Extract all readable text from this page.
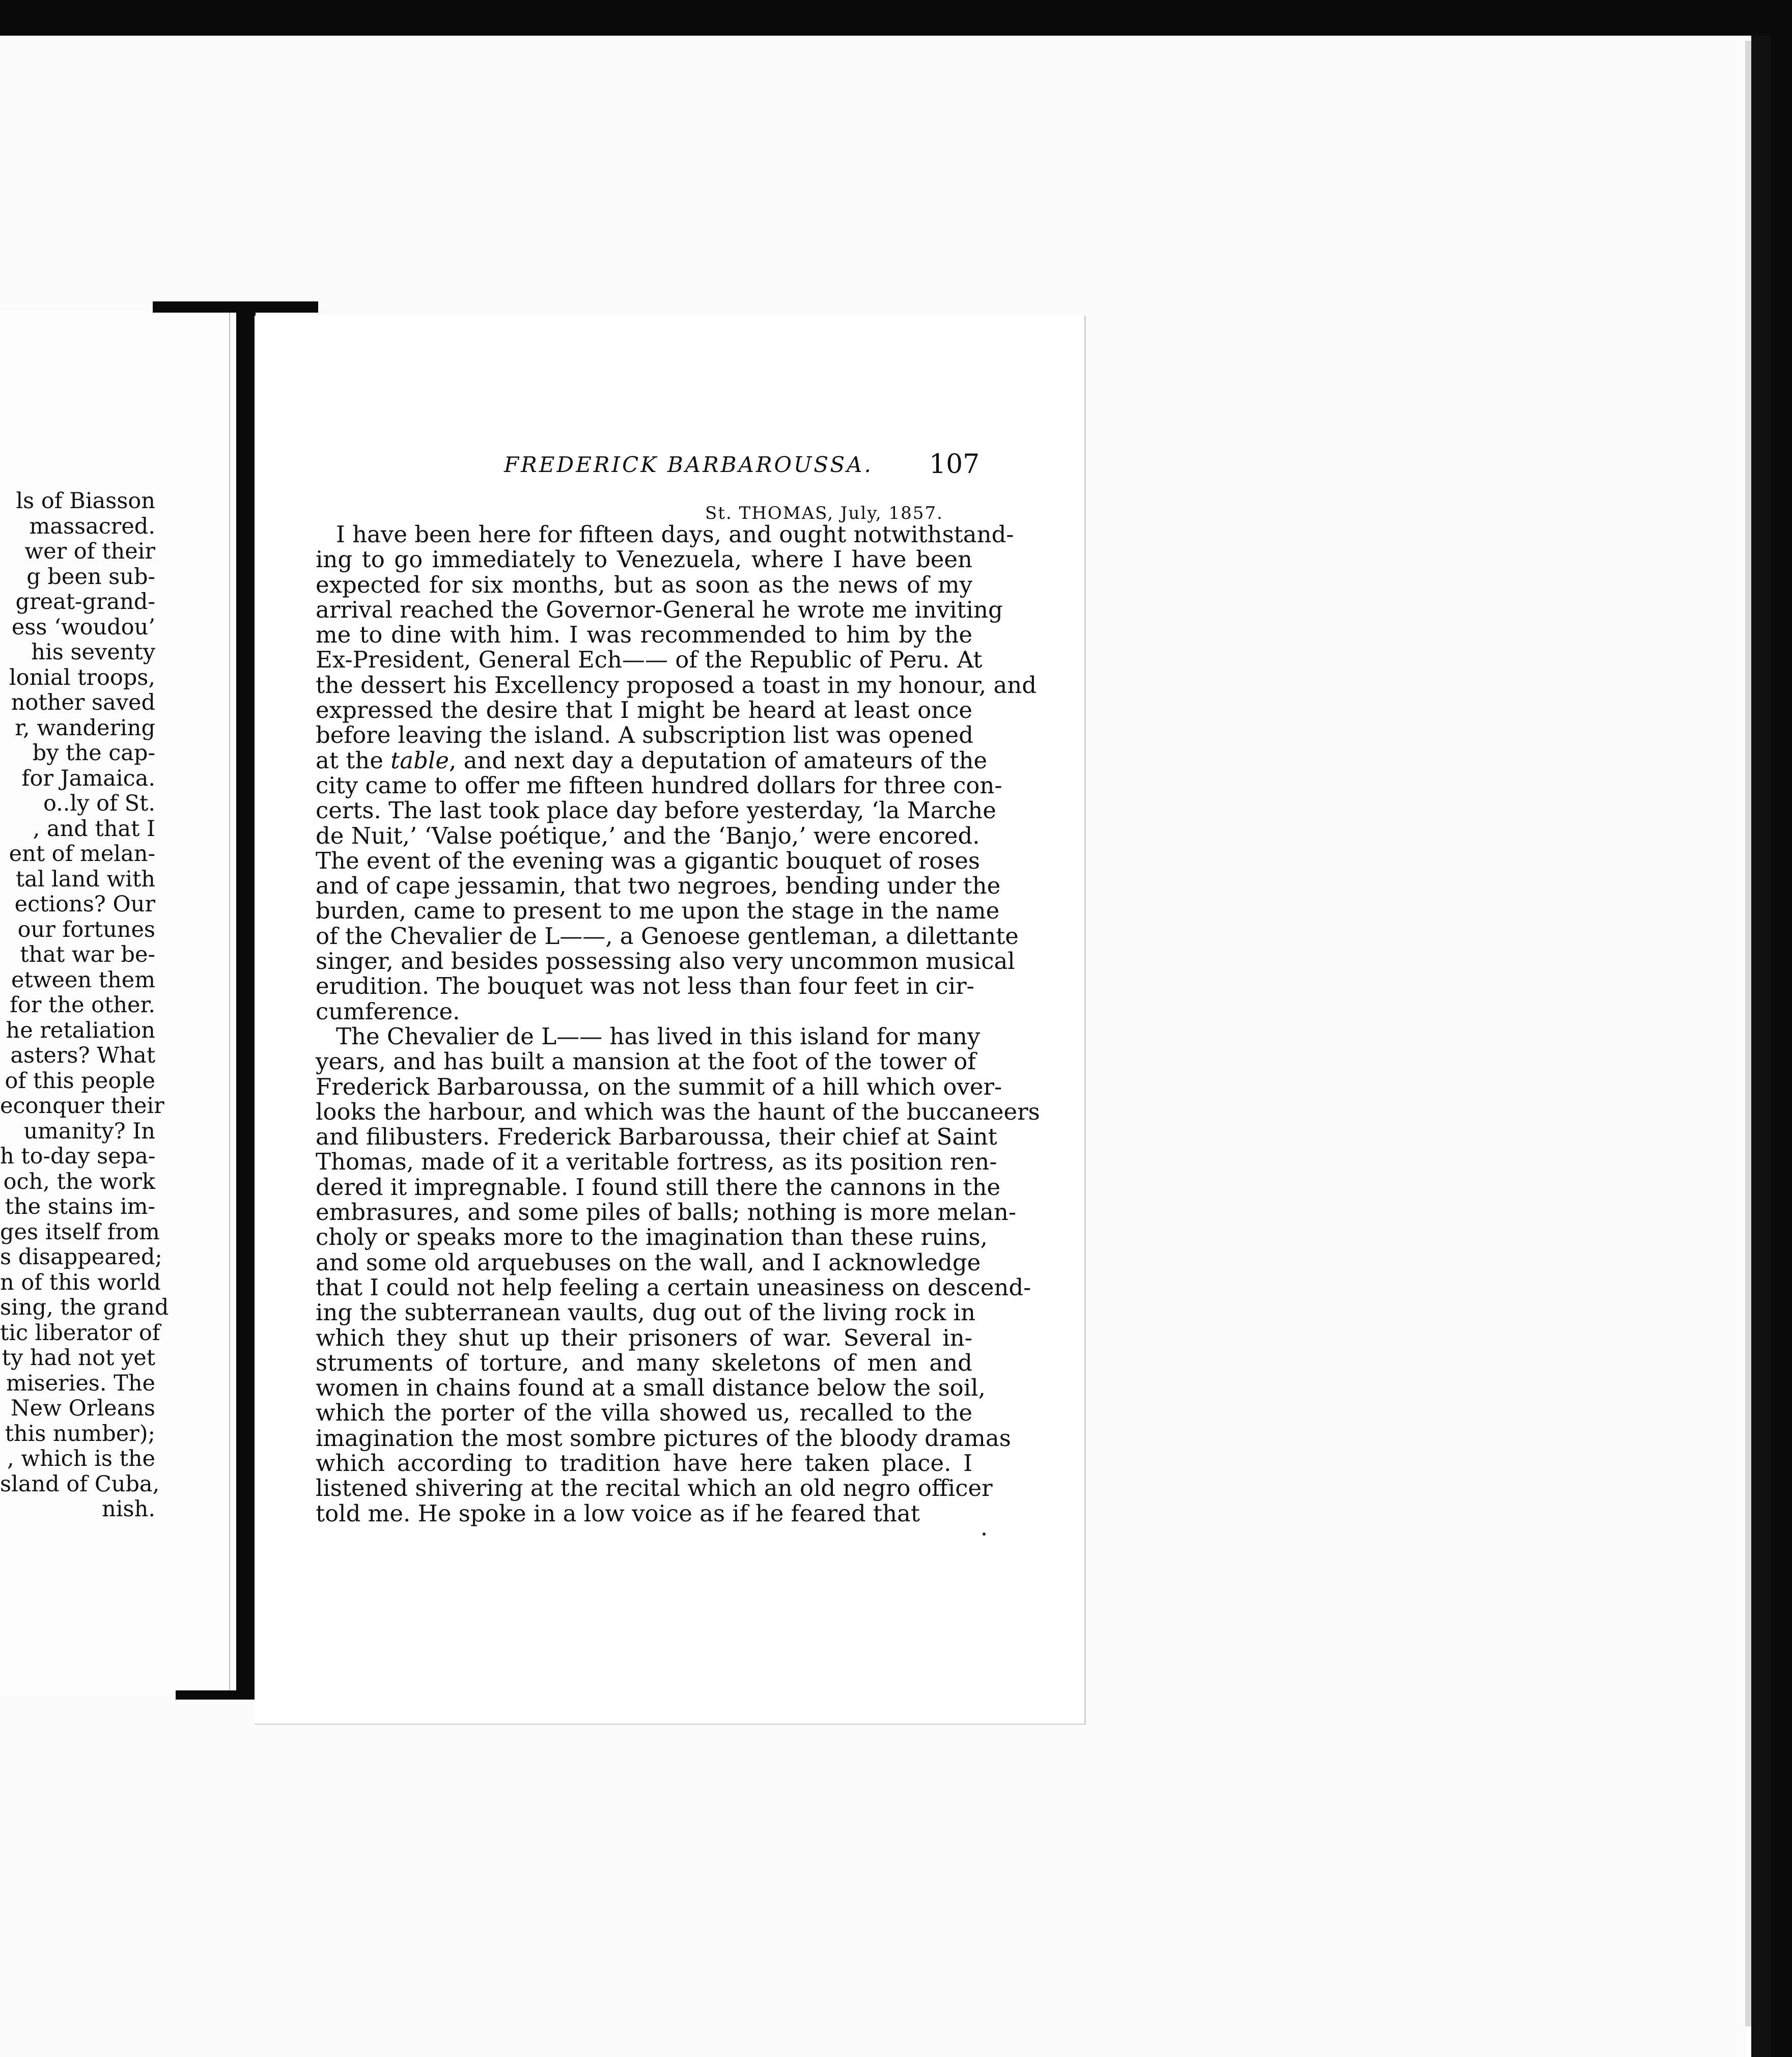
ls of Biasson
massacred.
wer of their
g been sub-
great-grand-
ess ‘woudou’
his seventy
lonial troops,
nother saved
r, wandering
by the cap-
for Jamaica.
o..ly of St.
, and that I
ent of melan-
tal land with
ections? Our
our fortunes
that war be-
etween them
for the other.
he retaliation
asters? What
of this people
econquer their
umanity? In
h to-day sepa-
och, the work
the stains im-
ges itself from
s disappeared;
n of this world
sing, the grand
tic liberator of
ty had not yet
miseries. The
New Orleans
this number);
, which is the
sland of Cuba,
nish.
FREDERICK BARBAROUSSA. 107
St. THOMAS, July, 1857.
I have been here for fifteen days, and ought notwithstand-
ing to go immediately to Venezuela, where I have been
expected for six months, but as soon as the news of my
arrival reached the Governor-General he wrote me inviting
me to dine with him. I was recommended to him by the
Ex-President, General Ech—— of the Republic of Peru. At
the dessert his Excellency proposed a toast in my honour, and
expressed the desire that I might be heard at least once
before leaving the island. A subscription list was opened
at the table, and next day a deputation of amateurs of the
city came to offer me fifteen hundred dollars for three con-
certs. The last took place day before yesterday, ‘la Marche
de Nuit,’ ‘Valse poétique,’ and the ‘Banjo,’ were encored.
The event of the evening was a gigantic bouquet of roses
and of cape jessamin, that two negroes, bending under the
burden, came to present to me upon the stage in the name
of the Chevalier de L——, a Genoese gentleman, a dilettante
singer, and besides possessing also very uncommon musical
erudition. The bouquet was not less than four feet in cir-
cumference.
The Chevalier de L—— has lived in this island for many
years, and has built a mansion at the foot of the tower of
Frederick Barbaroussa, on the summit of a hill which over-
looks the harbour, and which was the haunt of the buccaneers
and filibusters. Frederick Barbaroussa, their chief at Saint
Thomas, made of it a veritable fortress, as its position ren-
dered it impregnable. I found still there the cannons in the
embrasures, and some piles of balls; nothing is more melan-
choly or speaks more to the imagination than these ruins,
and some old arquebuses on the wall, and I acknowledge
that I could not help feeling a certain uneasiness on descend-
ing the subterranean vaults, dug out of the living rock in
which they shut up their prisoners of war. Several in-
struments of torture, and many skeletons of men and
women in chains found at a small distance below the soil,
which the porter of the villa showed us, recalled to the
imagination the most sombre pictures of the bloody dramas
which according to tradition have here taken place. I
listened shivering at the recital which an old negro officer
told me. He spoke in a low voice as if he feared that
